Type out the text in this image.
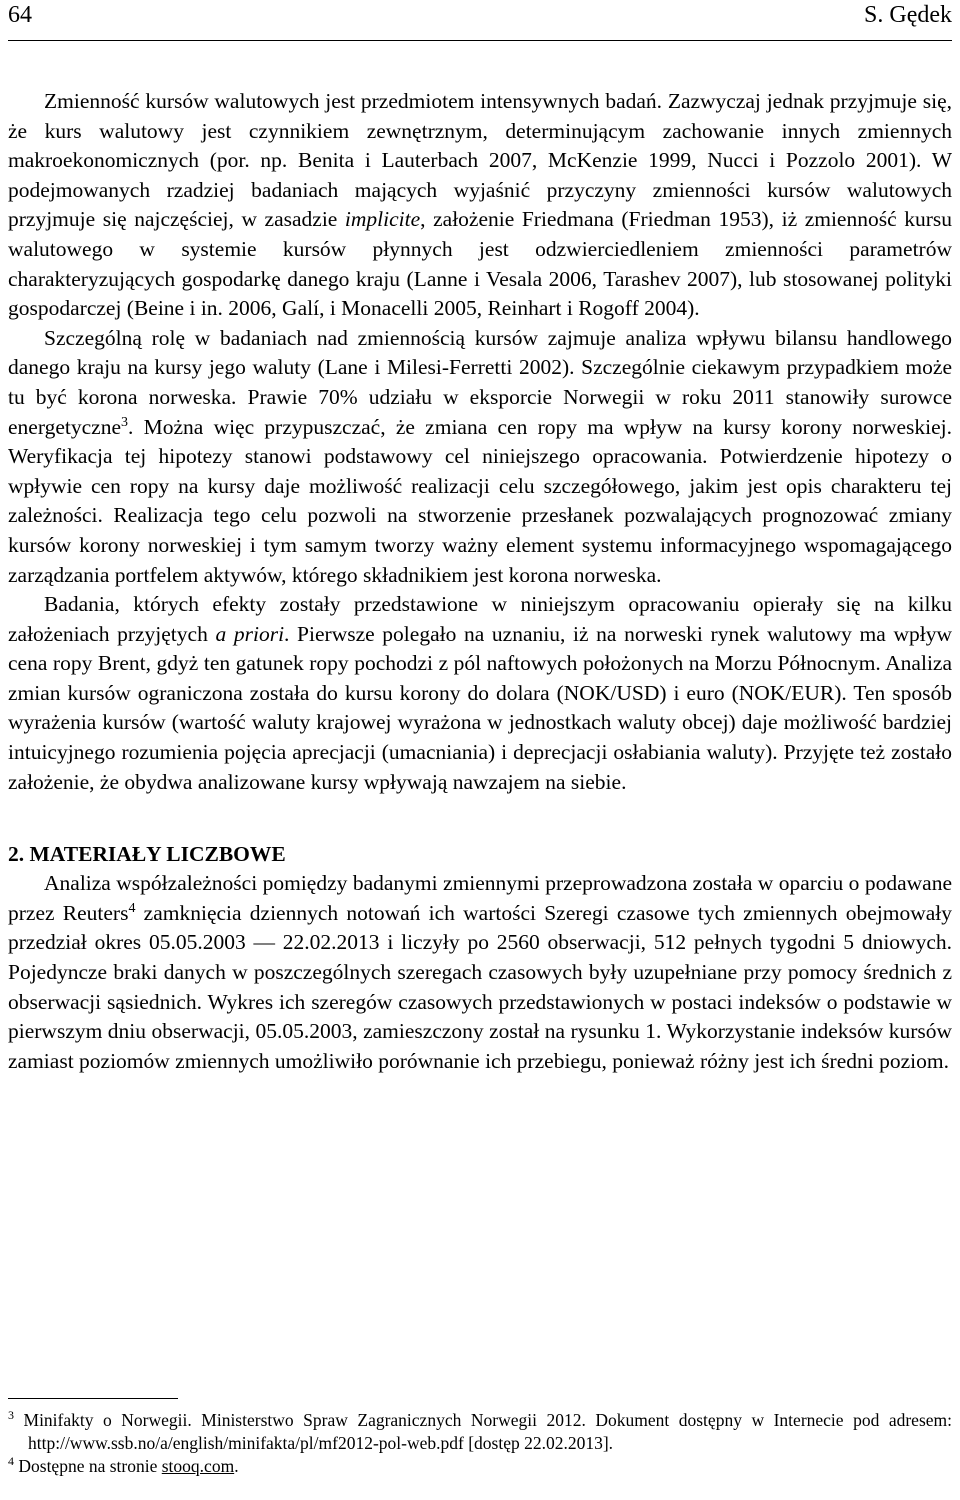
64	S. Gędek

Zmienność kursów walutowych jest przedmiotem intensywnych badań. Zazwyczaj jednak przyjmuje się, że kurs walutowy jest czynnikiem zewnętrznym, determinującym zachowanie innych zmiennych makroekonomicznych (por. np. Benita i Lauterbach 2007, McKenzie 1999, Nucci i Pozzolo 2001). W podejmowanych rzadziej badaniach mających wyjaśnić przyczyny zmienności kursów walutowych przyjmuje się najczęściej, w zasadzie implicite, założenie Friedmana (Friedman 1953), iż zmienność kursu walutowego w systemie kursów płynnych jest odzwierciedleniem zmienności parametrów charakteryzujących gospodarkę danego kraju (Lanne i Vesala 2006, Tarashev 2007), lub stosowanej polityki gospodarczej (Beine i in. 2006, Galí, i Monacelli 2005, Reinhart i Rogoff 2004).

Szczególną rolę w badaniach nad zmiennością kursów zajmuje analiza wpływu bilansu handlowego danego kraju na kursy jego waluty (Lane i Milesi-Ferretti 2002). Szczególnie ciekawym przypadkiem może tu być korona norweska. Prawie 70% udziału w eksporcie Norwegii w roku 2011 stanowiły surowce energetyczne$^3$. Można więc przypuszczać, że zmiana cen ropy ma wpływ na kursy korony norweskiej. Weryfikacja tej hipotezy stanowi podstawowy cel niniejszego opracowania. Potwierdzenie hipotezy o wpływie cen ropy na kursy daje możliwość realizacji celu szczegółowego, jakim jest opis charakteru tej zależności. Realizacja tego celu pozwoli na stworzenie przesłanek pozwalających prognozować zmiany kursów korony norweskiej i tym samym tworzy ważny element systemu informacyjnego wspomagającego zarządzania portfelem aktywów, którego składnikiem jest korona norweska.

Badania, których efekty zostały przedstawione w niniejszym opracowaniu opierały się na kilku założeniach przyjętych a priori. Pierwsze polegało na uznaniu, iż na norweski rynek walutowy ma wpływ cena ropy Brent, gdyż ten gatunek ropy pochodzi z pól naftowych położonych na Morzu Północnym. Analiza zmian kursów ograniczona została do kursu korony do dolara (NOK/USD) i euro (NOK/EUR). Ten sposób wyrażenia kursów (wartość waluty krajowej wyrażona w jednostkach waluty obcej) daje możliwość bardziej intuicyjnego rozumienia pojęcia aprecjacji (umacniania) i deprecjacji osłabiania waluty). Przyjęte też zostało założenie, że obydwa analizowane kursy wpływają nawzajem na siebie.

2. MATERIAŁY LICZBOWE

Analiza współzależności pomiędzy badanymi zmiennymi przeprowadzona została w oparciu o podawane przez Reuters$^4$ zamknięcia dziennych notowań ich wartości Szeregi czasowe tych zmiennych obejmowały przedział okres 05.05.2003 — 22.02.2013 i liczyły po 2560 obserwacji, 512 pełnych tygodni 5 dniowych. Pojedyncze braki danych w poszczególnych szeregach czasowych były uzupełniane przy pomocy średnich z obserwacji sąsiednich. Wykres ich szeregów czasowych przedstawionych w postaci indeksów o podstawie w pierwszym dniu obserwacji, 05.05.2003, zamieszczony został na rysunku 1. Wykorzystanie indeksów kursów zamiast poziomów zmiennych umożliwiło porównanie ich przebiegu, ponieważ różny jest ich średni poziom.

$^3$ Minifakty o Norwegii. Ministerstwo Spraw Zagranicznych Norwegii 2012. Dokument dostępny w Internecie pod adresem: http://www.ssb.no/a/english/minifakta/pl/mf2012-pol-web.pdf [dostęp 22.02.2013].

$^4$ Dostępne na stronie stooq.com.
